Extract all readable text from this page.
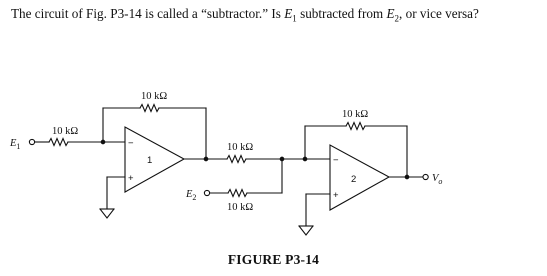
The circuit of Fig. P3-14 is called a “subtractor.” Is $E_1$ subtracted from $E_2$, or vice versa?
10 kΩ
10 kΩ
10 kΩ
10 kΩ
10 kΩ
1
2
−
+
−
+
$E_1$
$E_2$
$V_o$
FIGURE P3-14
